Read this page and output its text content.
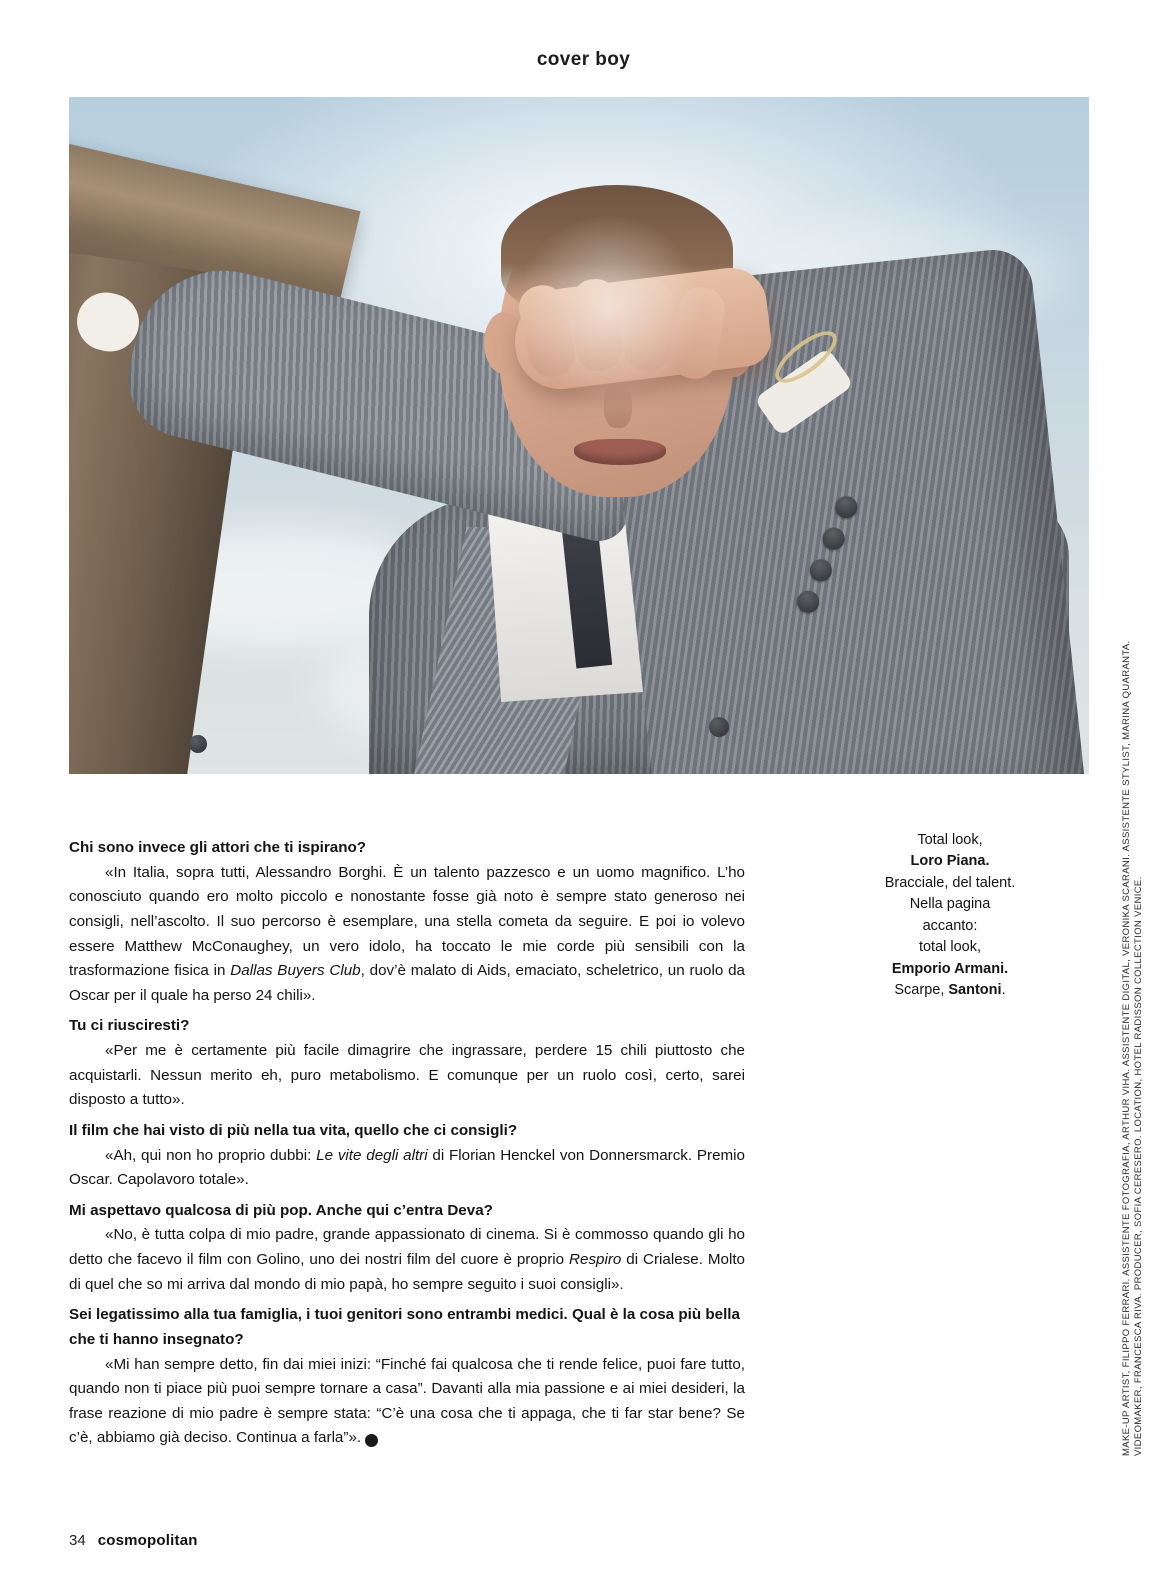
cover boy
MAKE-UP ARTIST, FILIPPO FERRARI. ASSISTENTE FOTOGRAFIA, ARTHUR VIHA. ASSISTENTE DIGITAL, VERONIKA SCARANI. ASSISTENTE STYLIST, MARINA QUARANTA. VIDEOMAKER, FRANCESCA RIVA. PRODUCER, SOFIA CERESERO. LOCATION, HOTEL RADISSON COLLECTION VENICE.

Chi sono invece gli attori che ti ispirano?

«In Italia, sopra tutti, Alessandro Borghi. È un talento pazzesco e un uomo magnifico. L’ho conosciuto quando ero molto piccolo e nonostante fosse già noto è sempre stato generoso nei consigli, nell’ascolto. Il suo percorso è esemplare, una stella cometa da seguire. E poi io volevo essere Matthew McConaughey, un vero idolo, ha toccato le mie corde più sensibili con la trasformazione fisica in Dallas Buyers Club, dov’è malato di Aids, emaciato, scheletrico, un ruolo da Oscar per il quale ha perso 24 chili».

Tu ci riusciresti?

«Per me è certamente più facile dimagrire che ingrassare, perdere 15 chili piuttosto che acquistarli. Nessun merito eh, puro metabolismo. E comunque per un ruolo così, certo, sarei disposto a tutto».

Il film che hai visto di più nella tua vita, quello che ci consigli?

«Ah, qui non ho proprio dubbi: Le vite degli altri di Florian Henckel von Donnersmarck. Premio Oscar. Capolavoro totale».

Mi aspettavo qualcosa di più pop. Anche qui c’entra Deva?

«No, è tutta colpa di mio padre, grande appassionato di cinema. Si è commosso quando gli ho detto che facevo il film con Golino, uno dei nostri film del cuore è proprio Respiro di Crialese. Molto di quel che so mi arriva dal mondo di mio papà, ho sempre seguito i suoi consigli».

Sei legatissimo alla tua famiglia, i tuoi genitori sono entrambi medici. Qual è la cosa più bella che ti hanno insegnato?

«Mi han sempre detto, fin dai miei inizi: “Finché fai qualcosa che ti rende felice, puoi fare tutto, quando non ti piace più puoi sempre tornare a casa”. Davanti alla mia passione e ai miei desideri, la frase reazione di mio padre è sempre stata: “C’è una cosa che ti appaga, che ti far star bene? Se c’è, abbiamo già deciso. Continua a farla”».	C

Total look,
Loro Piana.
Bracciale, del talent.
Nella pagina
accanto:
total look,
Emporio Armani.
Scarpe, Santoni.
34 cosmopolitan
